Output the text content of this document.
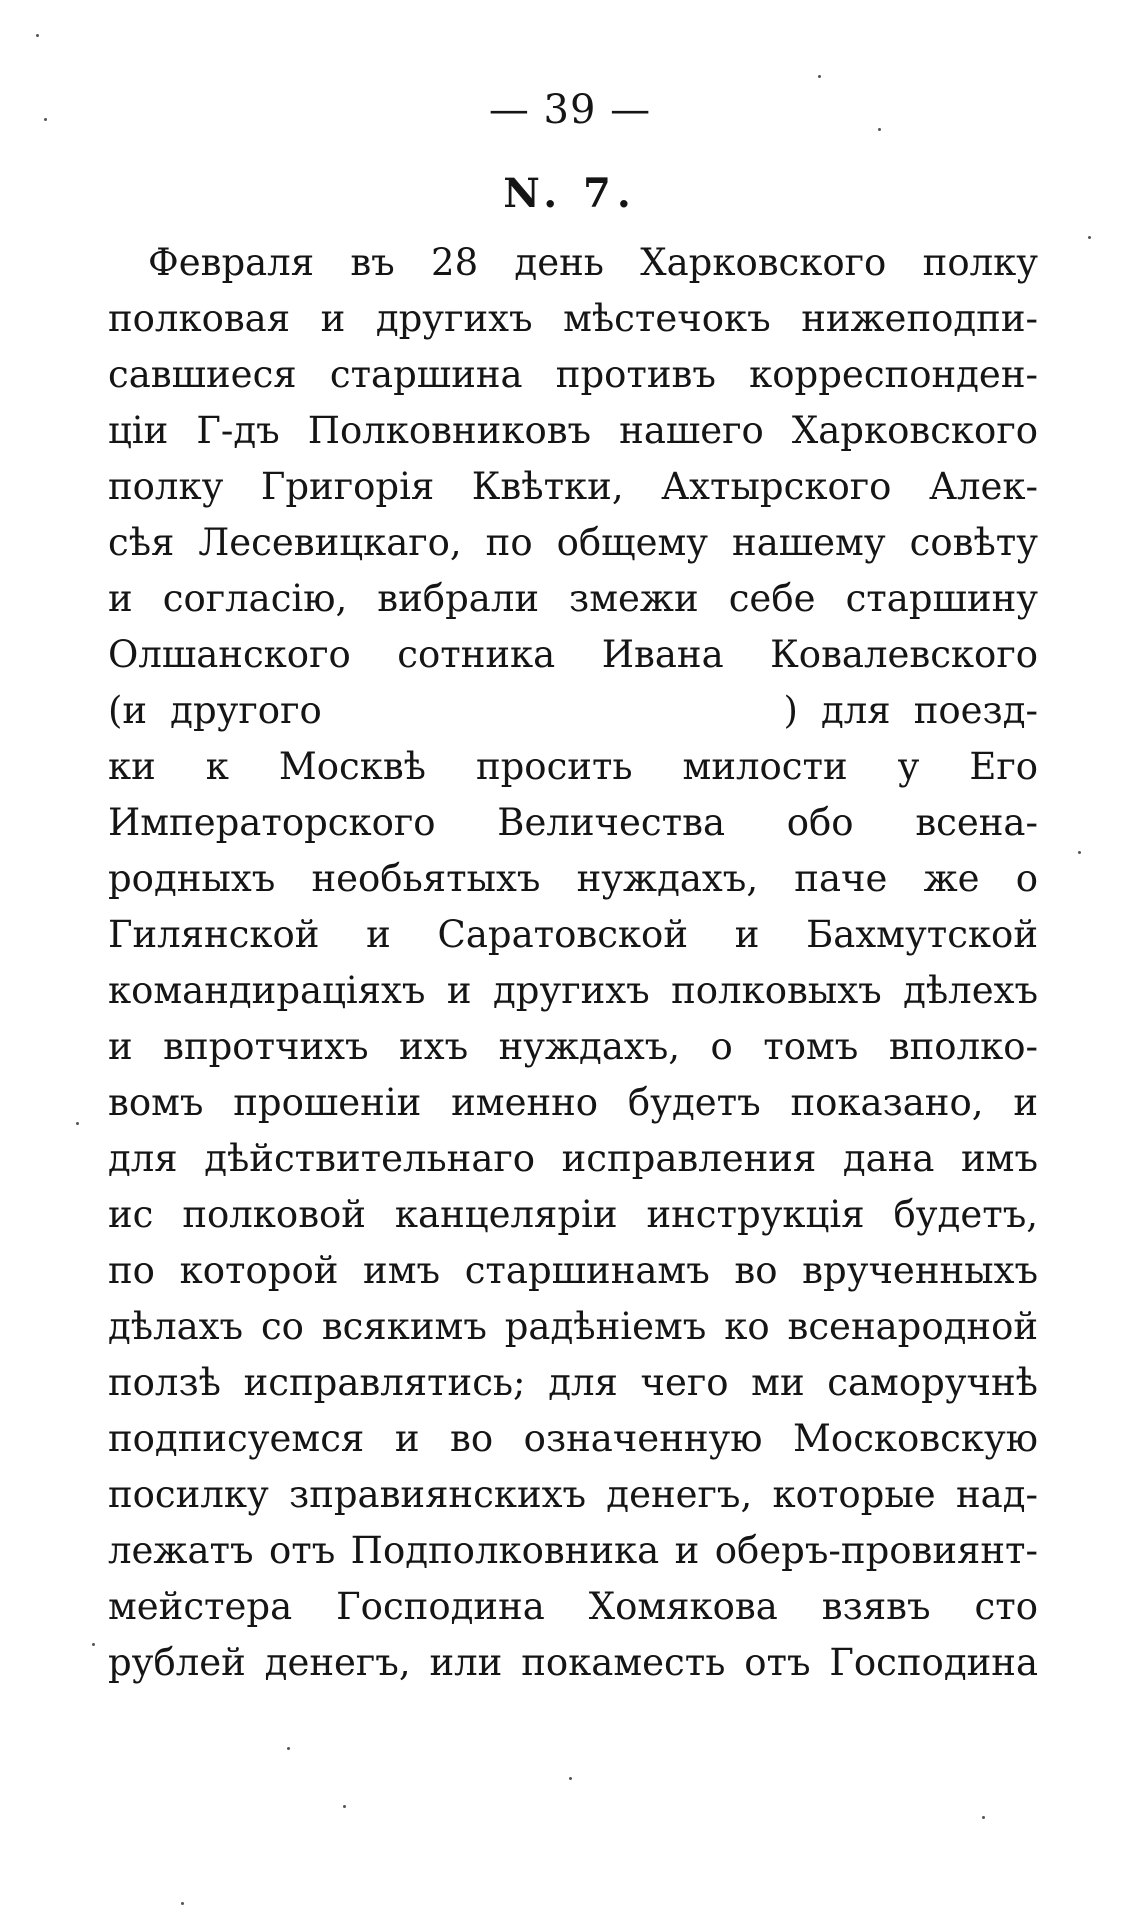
— 39 —
N. 7.
Февраля въ 28 день Харковского полку
полковая и другихъ мѣстечокъ нижеподпи-
савшиеся старшина противъ корреспонден-
ціи Г-дъ Полковниковъ нашего Харковского
полку Григорія Квѣтки, Ахтырского Алек-
сѣя Лесевицкаго, по общему нашему совѣту
и согласію, вибрали змежи себе старшину
Олшанского сотника Ивана Ковалевского
(и другого                    ) для поезд-
ки к Москвѣ просить милости у Его
Императорского Величества обо всена-
родныхъ необьятыхъ нуждахъ, паче же о
Гилянской и Саратовской и Бахмутской
командираціяхъ и другихъ полковыхъ дѣлехъ
и впротчихъ ихъ нуждахъ, о томъ вполко-
вомъ прошеніи именно будетъ показано, и
для дѣйствительнаго исправления дана имъ
ис полковой канцеляріи инструкція будетъ,
по которой имъ старшинамъ во врученныхъ
дѣлахъ со всякимъ радѣніемъ ко всенародной
ползѣ исправлятись; для чего ми саморучнѣ
подписуемся и во означенную Московскую
посилку зправиянскихъ денегъ, которые над-
лежатъ отъ Подполковника и оберъ-провиянт-
мейстера Господина Хомякова взявъ сто
рублей денегъ, или покаместь отъ Господина
